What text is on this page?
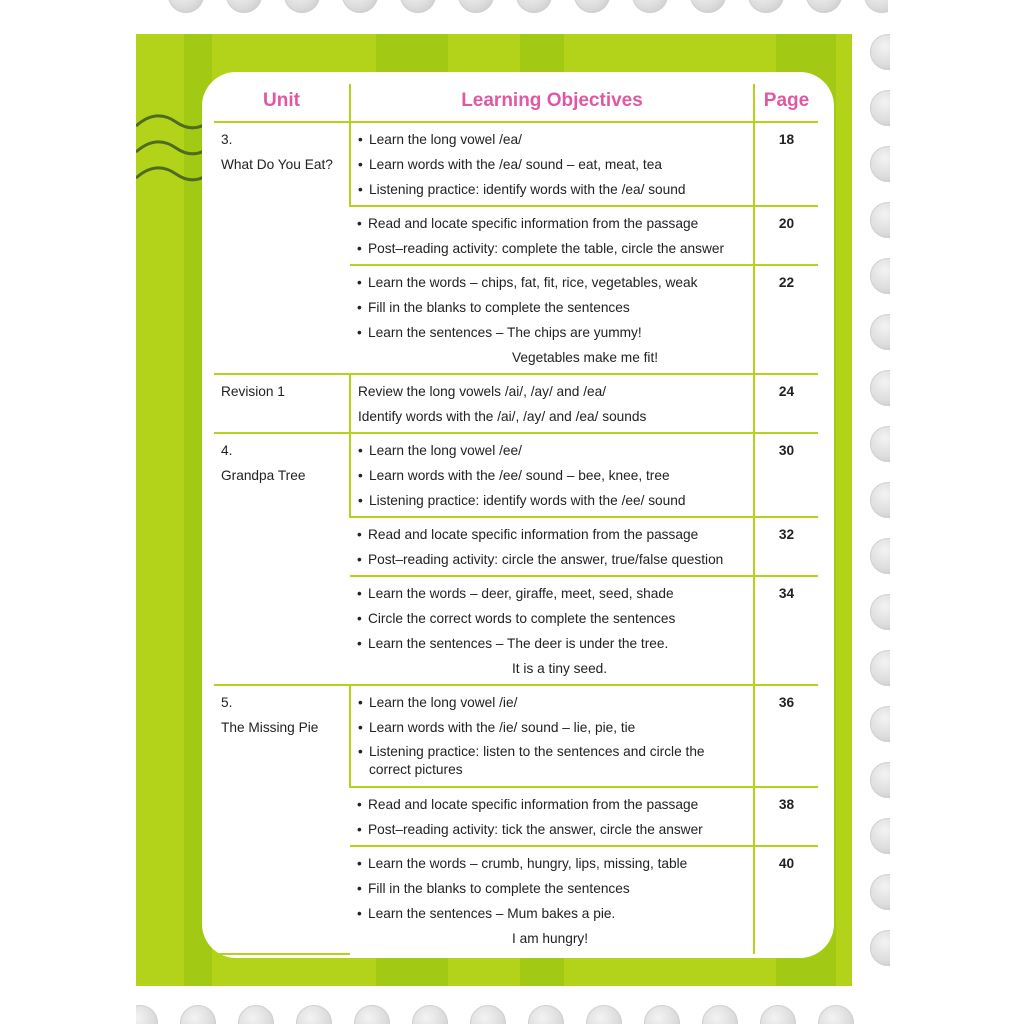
Unit	Learning Objectives	Page

3.
What Do You Eat?	• Learn the long vowel /ea/
• Learn words with the /ea/ sound – eat, meat, tea
• Listening practice: identify words with the /ea/ sound	18

	• Read and locate specific information from the passage
• Post–reading activity: complete the table, circle the answer	20

	• Learn the words – chips, fat, fit, rice, vegetables, weak
• Fill in the blanks to complete the sentences
• Learn the sentences – The chips are yummy!
Vegetables make me fit!	22

Revision 1	Review the long vowels /ai/, /ay/ and /ea/
Identify words with the /ai/, /ay/ and /ea/ sounds	24

4.
Grandpa Tree	• Learn the long vowel /ee/
• Learn words with the /ee/ sound – bee, knee, tree
• Listening practice: identify words with the /ee/ sound	30

	• Read and locate specific information from the passage
• Post–reading activity: circle the answer, true/false question	32

	• Learn the words – deer, giraffe, meet, seed, shade
• Circle the correct words to complete the sentences
• Learn the sentences – The deer is under the tree.
It is a tiny seed.	34

5.
The Missing Pie	• Learn the long vowel /ie/
• Learn words with the /ie/ sound – lie, pie, tie
• Listening practice: listen to the sentences and circle the correct pictures	36

	• Read and locate specific information from the passage
• Post–reading activity: tick the answer, circle the answer	38

	• Learn the words – crumb, hungry, lips, missing, table
• Fill in the blanks to complete the sentences
• Learn the sentences – Mum bakes a pie.
I am hungry!	40
